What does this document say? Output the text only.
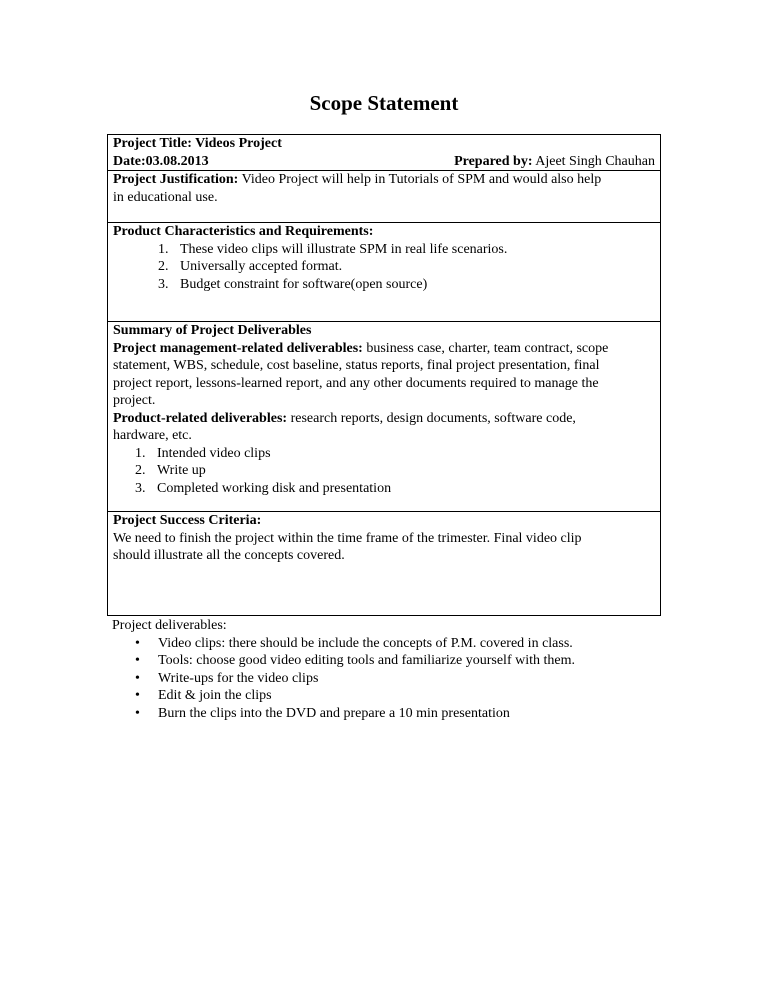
Scope Statement
Project Title: Videos Project
Date:03.08.2013	Prepared by: Ajeet Singh Chauhan
Project Justification: Video Project will help in Tutorials of SPM and would also help
in educational use.
Product Characteristics and Requirements:
1. These video clips will illustrate SPM in real life scenarios.
2. Universally accepted format.
3. Budget constraint for software(open source)
Summary of Project Deliverables
Project management-related deliverables: business case, charter, team contract, scope
statement, WBS, schedule, cost baseline, status reports, final project presentation, final
project report, lessons-learned report, and any other documents required to manage the
project.
Product-related deliverables: research reports, design documents, software code,
hardware, etc.
1. Intended video clips
2. Write up
3. Completed working disk and presentation
Project Success Criteria:
We need to finish the project within the time frame of the trimester. Final video clip
should illustrate all the concepts covered.
Project deliverables:
•	Video clips: there should be include the concepts of P.M. covered in class.
•	Tools: choose good video editing tools and familiarize yourself with them.
•	Write-ups for the video clips
•	Edit & join the clips
•	Burn the clips into the DVD and prepare a 10 min presentation
